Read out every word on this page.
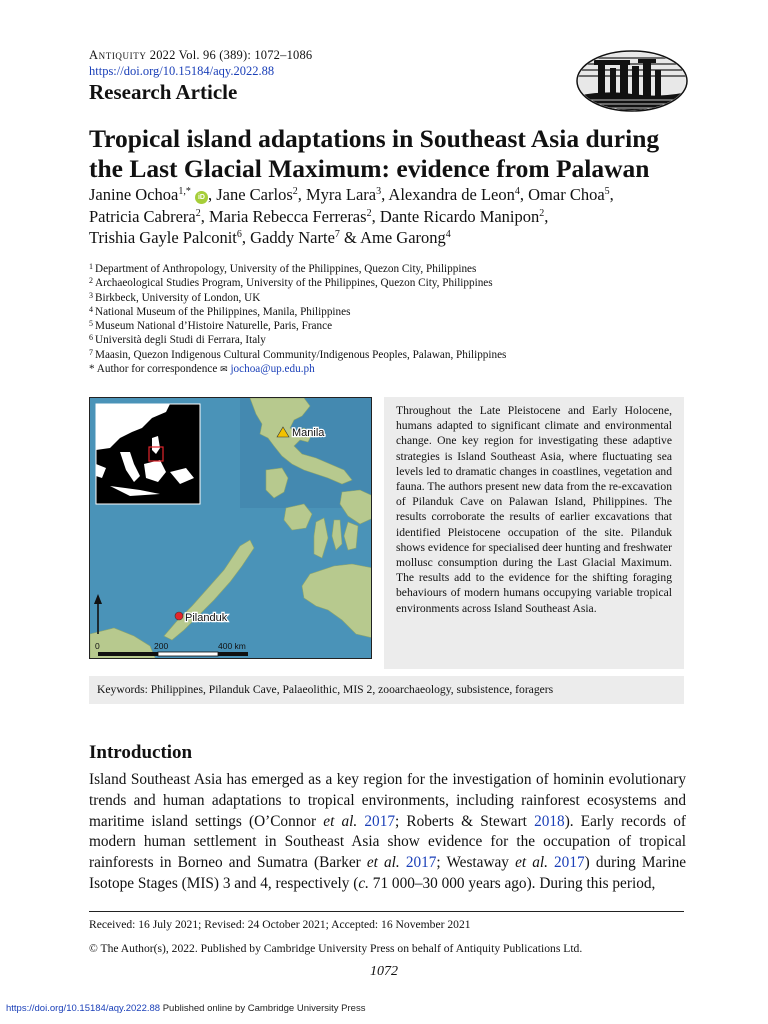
Antiquity 2022 Vol. 96 (389): 1072–1086
https://doi.org/10.15184/aqy.2022.88
Research Article
Tropical island adaptations in Southeast Asia during the Last Glacial Maximum: evidence from Palawan
Janine Ochoa$^{1,*}$ iD , Jane Carlos$^2$, Myra Lara$^3$, Alexandra de Leon$^4$, Omar Choa$^5$,
Patricia Cabrera$^2$, Maria Rebecca Ferreras$^2$, Dante Ricardo Manipon$^2$,
Trishia Gayle Palconit$^6$, Gaddy Narte$^7$ & Ame Garong$^4$
$^1$ Department of Anthropology, University of the Philippines, Quezon City, Philippines
$^2$ Archaeological Studies Program, University of the Philippines, Quezon City, Philippines
$^3$ Birkbeck, University of London, UK
$^4$ National Museum of the Philippines, Manila, Philippines
$^5$ Museum National d’Histoire Naturelle, Paris, France
$^6$ Università degli Studi di Ferrara, Italy
$^7$ Maasin, Quezon Indigenous Cultural Community/Indigenous Peoples, Palawan, Philippines
* Author for correspondence ✉ jochoa@up.edu.ph
Manila
Pilanduk
0	200	400 km
Throughout the Late Pleistocene and Early Holocene, humans adapted to significant climate and environmental change. One key region for investigating these adaptive strategies is Island Southeast Asia, where fluctuating sea levels led to dramatic changes in coastlines, vegetation and fauna. The authors present new data from the re-excavation of Pilanduk Cave on Palawan Island, Philippines. The results corroborate the results of earlier excavations that identified Pleistocene occupation of the site. Pilanduk shows evidence for specialised deer hunting and freshwater mollusc consumption during the Last Glacial Maximum. The results add to the evidence for the shifting foraging behaviours of modern humans occupying variable tropical environments across Island Southeast Asia.
Keywords: Philippines, Pilanduk Cave, Palaeolithic, MIS 2, zooarchaeology, subsistence, foragers
Introduction

Island Southeast Asia has emerged as a key region for the investigation of hominin evolutionary trends and human adaptations to tropical environments, including rainforest ecosystems and maritime island settings (O’Connor et al. 2017; Roberts & Stewart 2018). Early records of modern human settlement in Southeast Asia show evidence for the occupation of tropical rainforests in Borneo and Sumatra (Barker et al. 2017; Westaway et al. 2017) during Marine Isotope Stages (MIS) 3 and 4, respectively (c. 71 000–30 000 years ago). During this period,

Received: 16 July 2021; Revised: 24 October 2021; Accepted: 16 November 2021
© The Author(s), 2022. Published by Cambridge University Press on behalf of Antiquity Publications Ltd.
1072
https://doi.org/10.15184/aqy.2022.88 Published online by Cambridge University Press
